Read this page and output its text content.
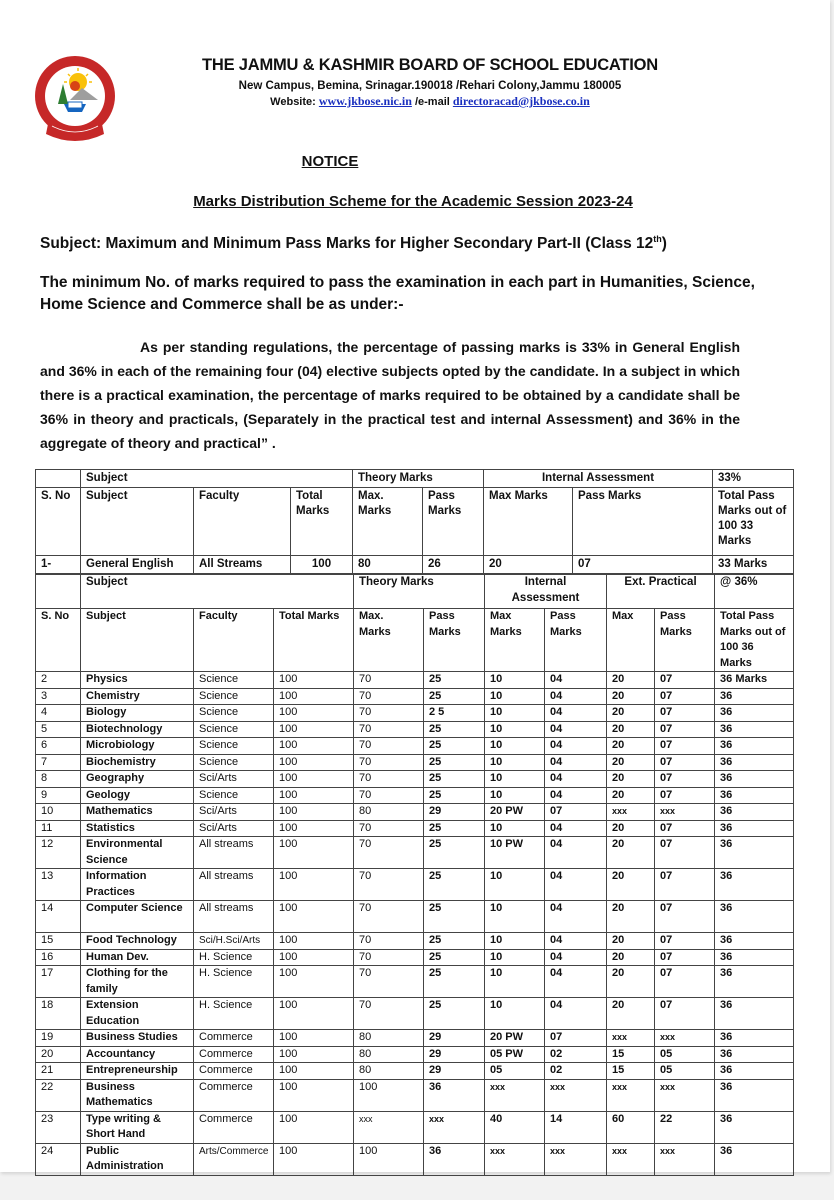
THE JAMMU & KASHMIR BOARD OF SCHOOL EDUCATION
New Campus, Bemina, Srinagar.190018 /Rehari Colony,Jammu 180005
Website: www.jkbose.nic.in /e-mail directoracad@jkbose.co.in
NOTICE
Marks Distribution Scheme for the Academic Session 2023-24
Subject: Maximum and Minimum Pass Marks for Higher Secondary Part-II (Class 12th)
The minimum No. of marks required to pass the examination in each part in Humanities, Science, Home Science and Commerce shall be as under:-
As per standing regulations, the percentage of passing marks is 33% in General English and 36% in each of the remaining four (04) elective subjects opted by the candidate. In a subject in which there is a practical examination, the percentage of marks required to be obtained by a candidate shall be 36% in theory and practicals, (Separately in the practical test and internal Assessment) and 36% in the aggregate of theory and practical” .
	Subject			Theory Marks		Internal Assessment		33%
S. No	Subject	Faculty	Total Marks	Max. Marks	Pass Marks	Max Marks	Pass Marks	Total Pass Marks out of 100 33 Marks
1-	General English	All Streams	100	80	26	20	07	33 Marks
	Subject			Theory Marks		Internal Assessment		Ext. Practical		@ 36%
S. No	Subject	Faculty	Total Marks	Max. Marks	Pass Marks	Max Marks	Pass Marks	Max	Pass Marks	Total Pass Marks out of 100 36 Marks
2	Physics	Science	100	70	25	10	04	20	07	36 Marks
3	Chemistry	Science	100	70	25	10	04	20	07	36
4	Biology	Science	100	70	2 5	10	04	20	07	36
5	Biotechnology	Science	100	70	25	10	04	20	07	36
6	Microbiology	Science	100	70	25	10	04	20	07	36
7	Biochemistry	Science	100	70	25	10	04	20	07	36
8	Geography	Sci/Arts	100	70	25	10	04	20	07	36
9	Geology	Science	100	70	25	10	04	20	07	36
10	Mathematics	Sci/Arts	100	80	29	20 PW	07	xxx	xxx	36
11	Statistics	Sci/Arts	100	70	25	10	04	20	07	36
12	Environmental Science	All streams	100	70	25	10 PW	04	20	07	36
13	Information Practices	All streams	100	70	25	10	04	20	07	36
14	Computer Science	All streams	100	70	25	10	04	20	07	36
15	Food Technology	Sci/H.Sci/Arts	100	70	25	10	04	20	07	36
16	Human Dev.	H. Science	100	70	25	10	04	20	07	36
17	Clothing for the family	H. Science	100	70	25	10	04	20	07	36
18	Extension Education	H. Science	100	70	25	10	04	20	07	36
19	Business Studies	Commerce	100	80	29	20 PW	07	xxx	xxx	36
20	Accountancy	Commerce	100	80	29	05 PW	02	15	05	36
21	Entrepreneurship	Commerce	100	80	29	05	02	15	05	36
22	Business Mathematics	Commerce	100	100	36	xxx	xxx	xxx	xxx	36
23	Type writing & Short Hand	Commerce	100	xxx	xxx	40	14	60	22	36
24	Public Administration	Arts/Commerce	100	100	36	xxx	xxx	xxx	xxx	36
